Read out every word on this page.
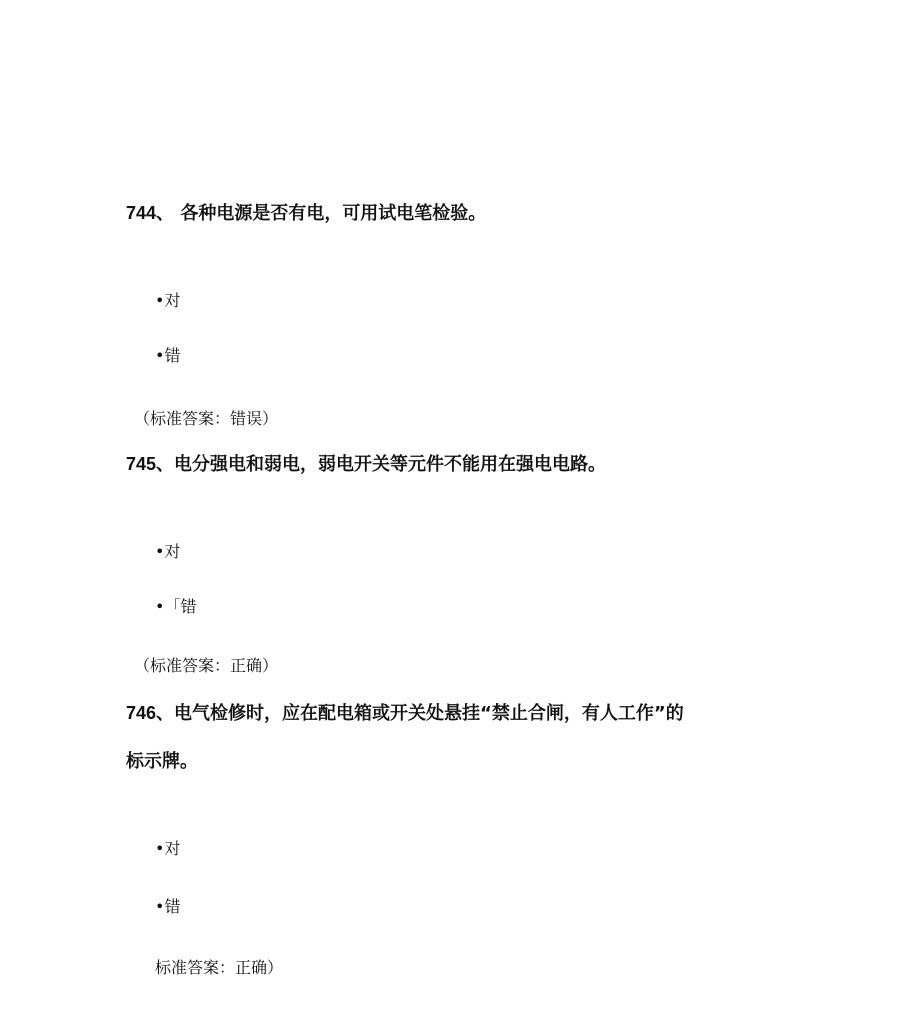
744、 各种电源是否有电，可用试电笔检验。
•对
•错
（标准答案：错误）
745、电分强电和弱电，弱电开关等元件不能用在强电电路。
•对
•「错
（标准答案：正确）
746、电气检修时，应在配电箱或开关处悬挂“禁止合闸，有人工作”的
标示牌。
•对
•错
标准答案：正确）
